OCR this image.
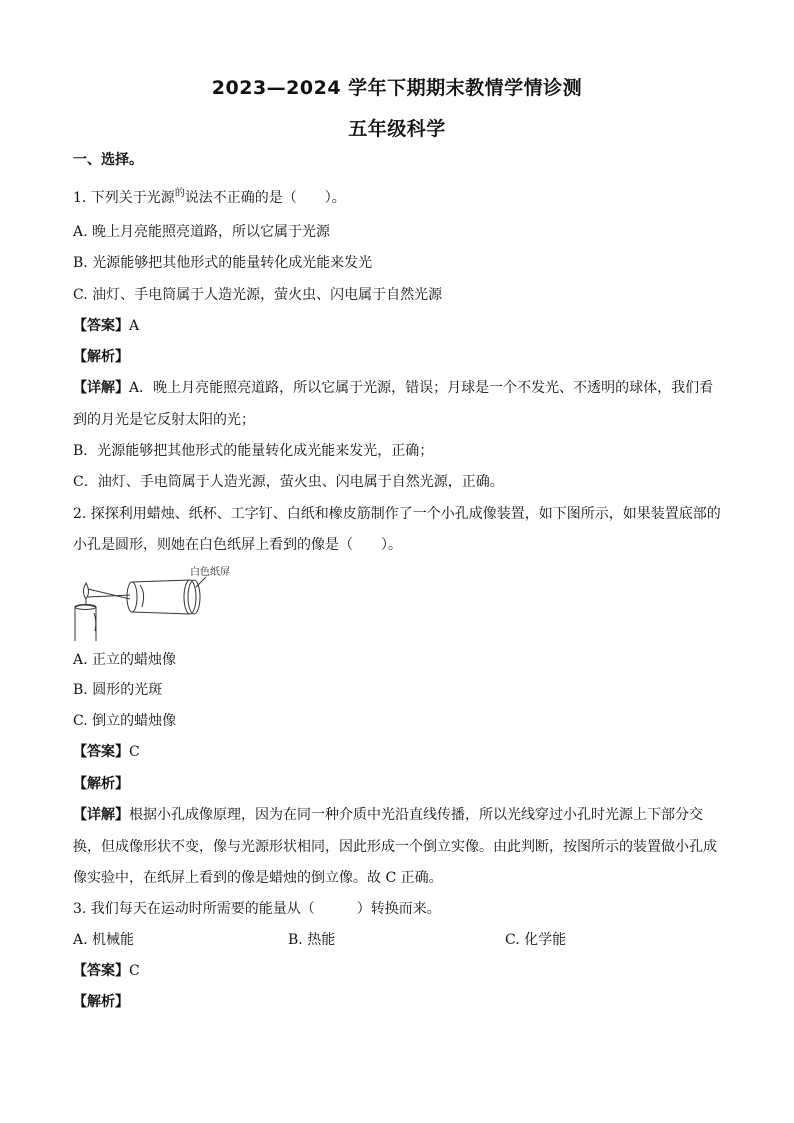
2023—2024 学年下期期末教情学情诊测
五年级科学
一、选择。
1. 下列关于光源$^的$说法不正确的是（　　）。
A. 晚上月亮能照亮道路，所以它属于光源
B. 光源能够把其他形式的能量转化成光能来发光
C. 油灯、手电筒属于人造光源，萤火虫、闪电属于自然光源
【答案】A
【解析】
【详解】A．晚上月亮能照亮道路，所以它属于光源，错误；月球是一个不发光、不透明的球体，我们看
到的月光是它反射太阳的光；
B．光源能够把其他形式的能量转化成光能来发光，正确；
C．油灯、手电筒属于人造光源，萤火虫、闪电属于自然光源，正确。
2. 探探利用蜡烛、纸杯、工字钉、白纸和橡皮筋制作了一个小孔成像装置，如下图所示，如果装置底部的
小孔是圆形，则她在白色纸屏上看到的像是（　　）。
白色纸屏
A. 正立的蜡烛像
B. 圆形的光斑
C. 倒立的蜡烛像
【答案】C
【解析】
【详解】根据小孔成像原理，因为在同一种介质中光沿直线传播，所以光线穿过小孔时光源上下部分交
换，但成像形状不变，像与光源形状相同，因此形成一个倒立实像。由此判断，按图所示的装置做小孔成
像实验中，在纸屏上看到的像是蜡烛的倒立像。故 C 正确。
3. 我们每天在运动时所需要的能量从（　　　）转换而来。
A. 机械能	B. 热能	C. 化学能
【答案】C
【解析】
